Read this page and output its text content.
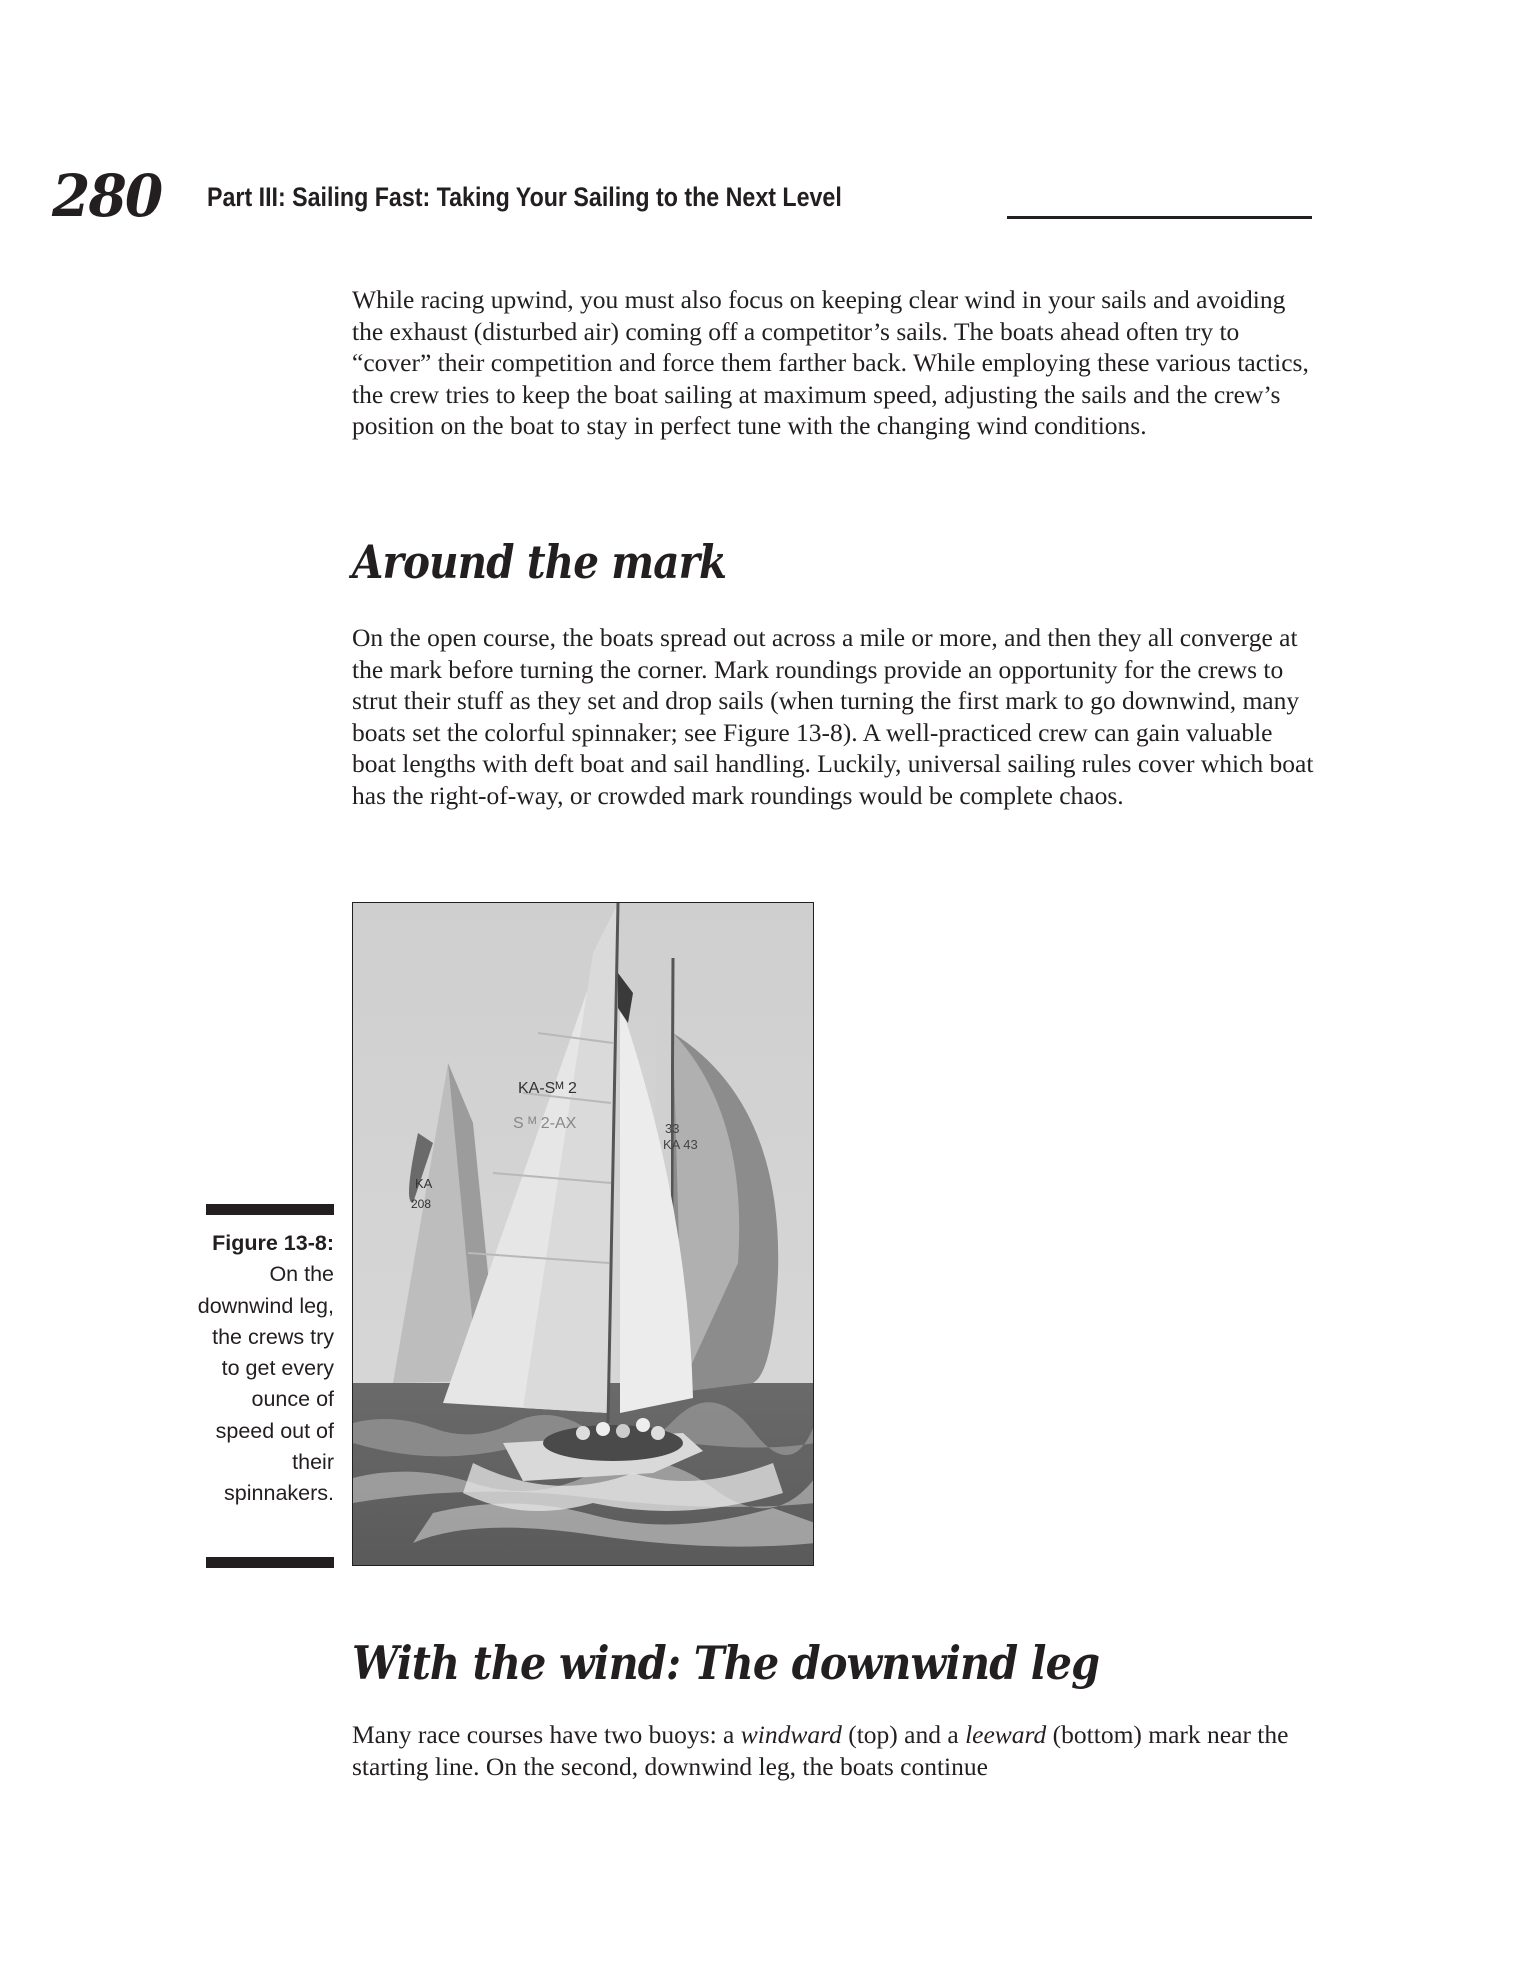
280 Part III: Sailing Fast: Taking Your Sailing to the Next Level

While racing upwind, you must also focus on keeping clear wind in your sails and avoiding the exhaust (disturbed air) coming off a competitor’s sails. The boats ahead often try to “cover” their competition and force them farther back. While employing these various tactics, the crew tries to keep the boat sailing at maximum speed, adjusting the sails and the crew’s position on the boat to stay in perfect tune with the changing wind conditions.

Around the mark

On the open course, the boats spread out across a mile or more, and then they all converge at the mark before turning the corner. Mark roundings provide an opportunity for the crews to strut their stuff as they set and drop sails (when turning the first mark to go downwind, many boats set the colorful spinnaker; see Figure 13-8). A well-practiced crew can gain valuable boat lengths with deft boat and sail handling. Luckily, universal sailing rules cover which boat has the right-of-way, or crowded mark roundings would be complete chaos.

Figure 13-8: On the downwind leg, the crews try to get every ounce of speed out of their spinnakers.
KA
208
KA-Sᴹ 2
S ᴹ 2-AX	33
KA 43
With the wind: The downwind leg

Many race courses have two buoys: a windward (top) and a leeward (bottom) mark near the starting line. On the second, downwind leg, the boats continue
